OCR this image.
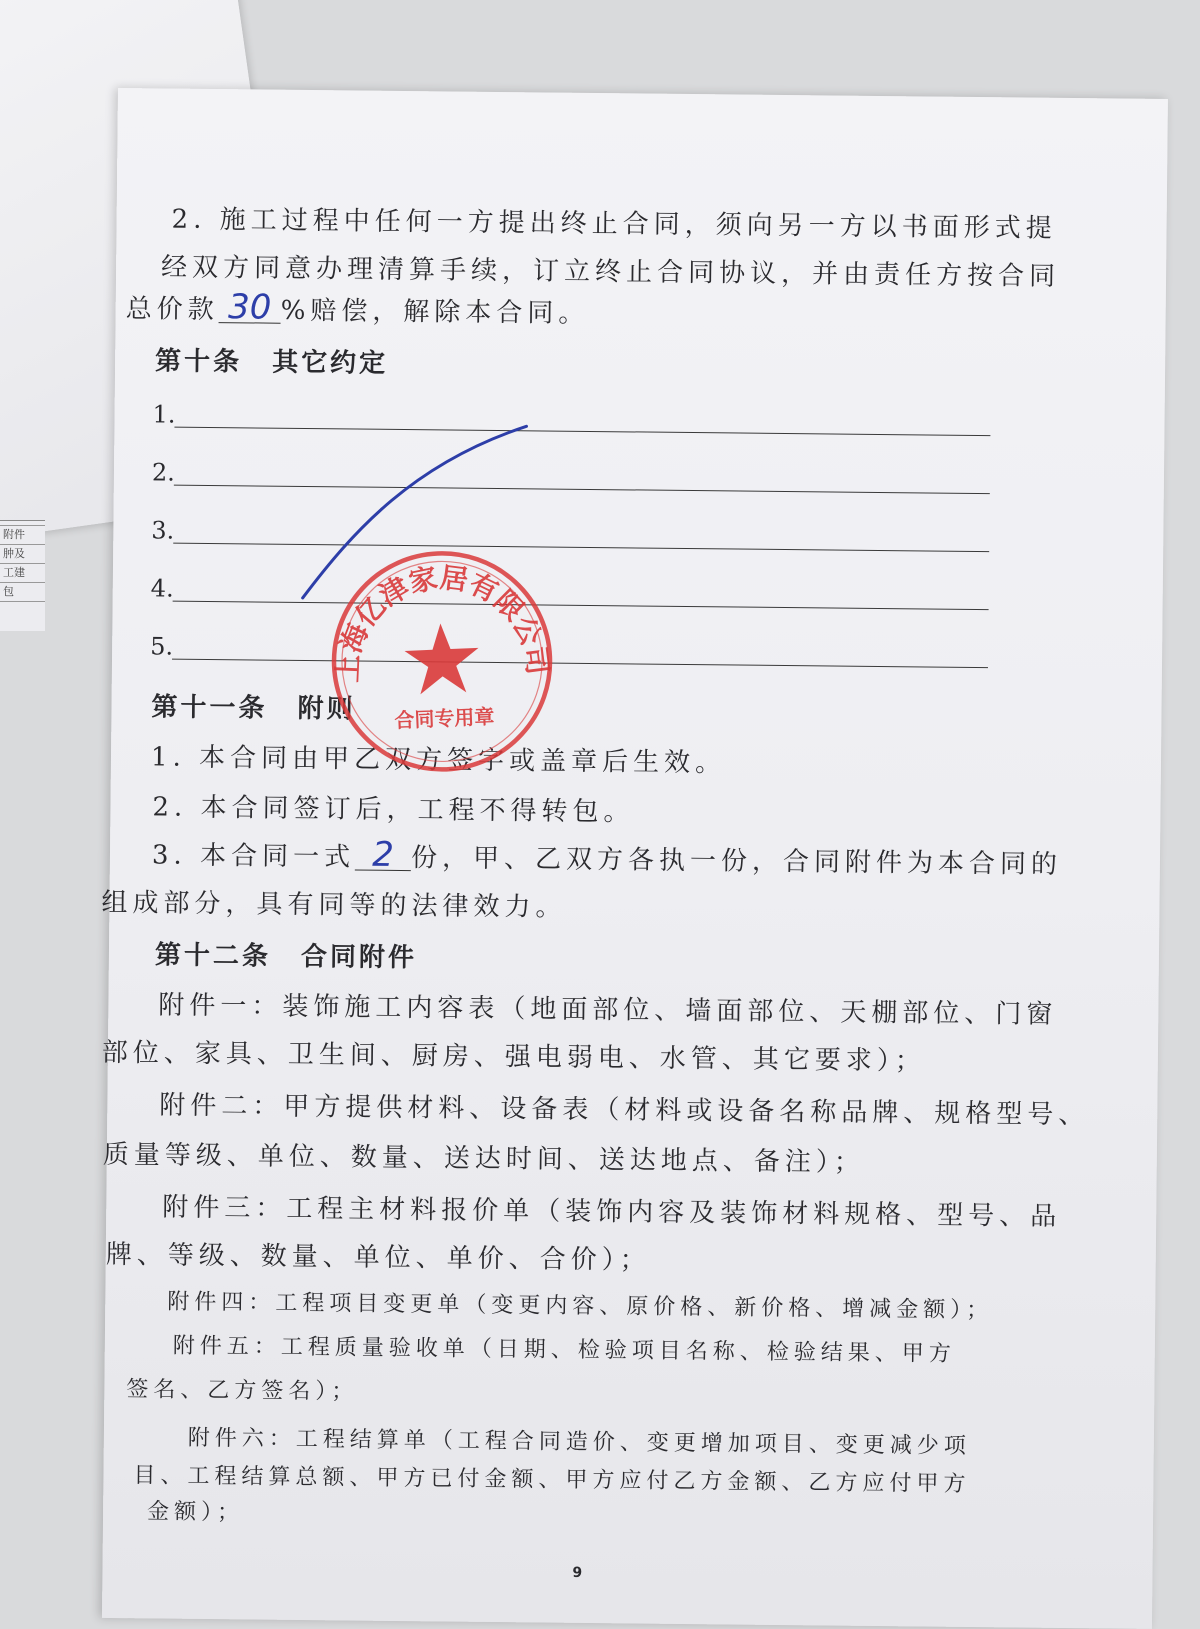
附件
肿及
工建
包
2. 施工过程中任何一方提出终止合同，须向另一方以书面形式提
经双方同意办理清算手续，订立终止合同协议，并由责任方按合同
总价款 30 %赔偿，解除本合同。
第十条 其它约定
1.
2.
3.
4.
5.
第十一条 附则
1. 本合同由甲乙双方签字或盖章后生效。
2. 本合同签订后，工程不得转包。
3. 本合同一式 2 份，甲、乙双方各执一份，合同附件为本合同的
组成部分，具有同等的法律效力。
第十二条 合同附件
附件一：装饰施工内容表（地面部位、墙面部位、天棚部位、门窗
部位、家具、卫生间、厨房、强电弱电、水管、其它要求）；
附件二：甲方提供材料、设备表（材料或设备名称品牌、规格型号、
质量等级、单位、数量、送达时间、送达地点、备注）；
附件三：工程主材料报价单（装饰内容及装饰材料规格、型号、品
牌、等级、数量、单位、单价、合价）；
附件四：工程项目变更单（变更内容、原价格、新价格、增减金额）；
附件五：工程质量验收单（日期、检验项目名称、检验结果、甲方
签名、乙方签名）；
附件六：工程结算单（工程合同造价、变更增加项目、变更减少项
目、工程结算总额、甲方已付金额、甲方应付乙方金额、乙方应付甲方
金额）；
9
上海亿津家居有限公司
合同专用章
